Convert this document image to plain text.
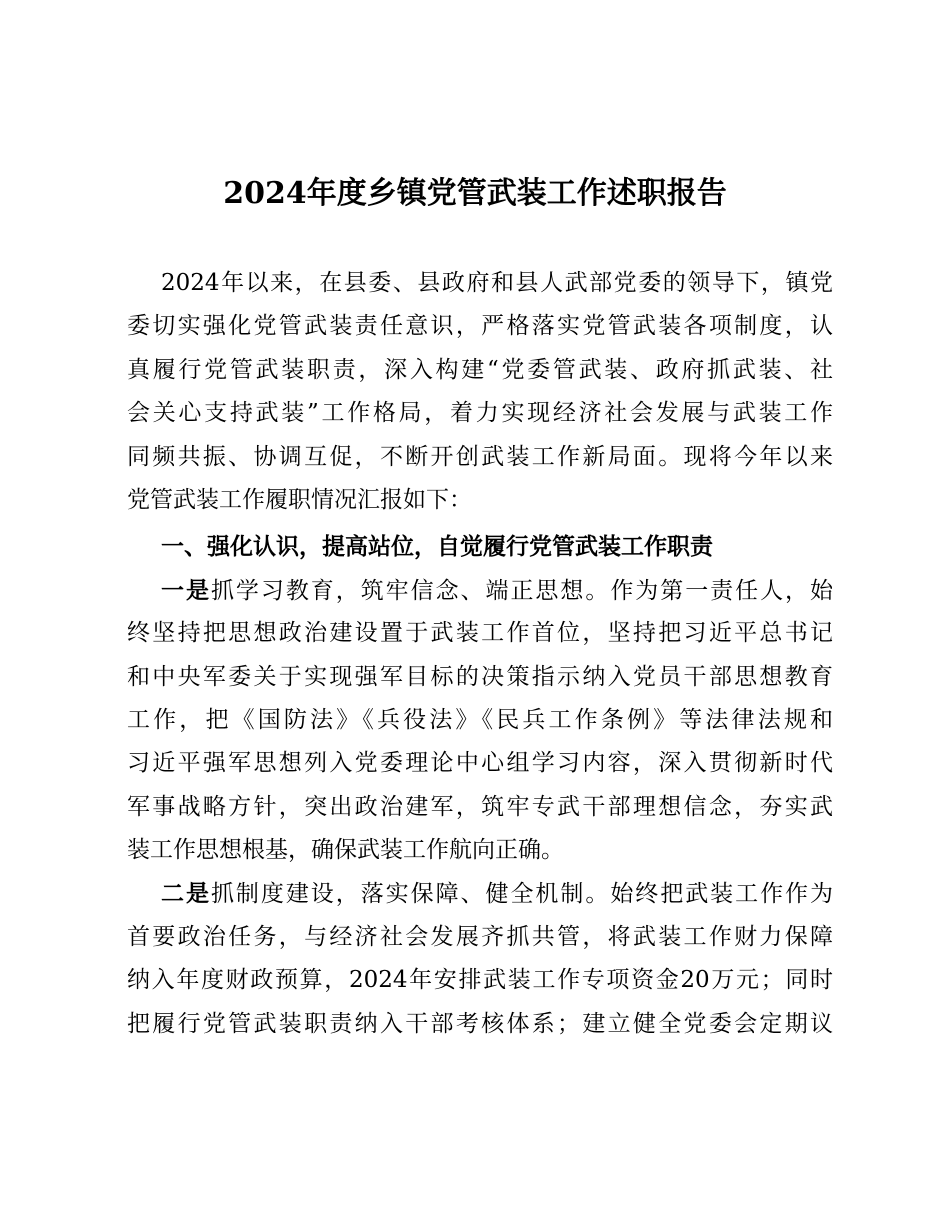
2024年度乡镇党管武装工作述职报告
2024年以来，在县委、县政府和县人武部党委的领导下，镇党
委切实强化党管武装责任意识，严格落实党管武装各项制度，认
真履行党管武装职责，深入构建“党委管武装、政府抓武装、社
会关心支持武装”工作格局，着力实现经济社会发展与武装工作
同频共振、协调互促，不断开创武装工作新局面。现将今年以来
党管武装工作履职情况汇报如下：
一、强化认识，提高站位，自觉履行党管武装工作职责
一是抓学习教育，筑牢信念、端正思想。作为第一责任人，始
终坚持把思想政治建设置于武装工作首位，坚持把习近平总书记
和中央军委关于实现强军目标的决策指示纳入党员干部思想教育
工作，把《国防法》《兵役法》《民兵工作条例》等法律法规和
习近平强军思想列入党委理论中心组学习内容，深入贯彻新时代
军事战略方针，突出政治建军，筑牢专武干部理想信念，夯实武
装工作思想根基，确保武装工作航向正确。
二是抓制度建设，落实保障、健全机制。始终把武装工作作为
首要政治任务，与经济社会发展齐抓共管，将武装工作财力保障
纳入年度财政预算，2024年安排武装工作专项资金20万元；同时
把履行党管武装职责纳入干部考核体系；建立健全党委会定期议
